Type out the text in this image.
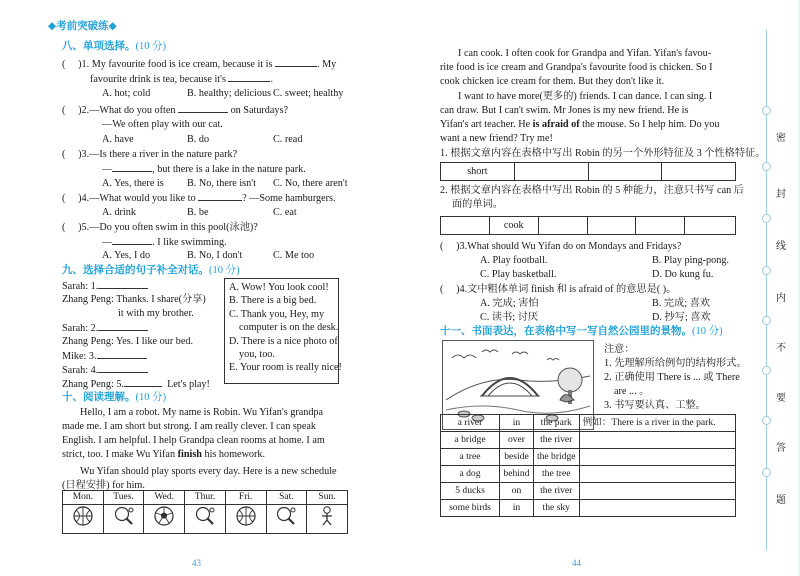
◆考前突破练◆
八、单项选择。(10 分)
(     )1. My favourite food is ice cream, because it is	. My
favourite drink is tea, because it's	.
A. hot; cold	B. healthy; delicious C. sweet; healthy
(     )2.—What do you often	on Saturdays?
—We often play with our cat.
A. have	B. do	C. read
(     )3.—Is there a river in the nature park?
—	, but there is a lake in the nature park.
A. Yes, there is B. No, there isn't C. No, there aren't
(     )4.—What would you like to	? —Some hamburgers.
A. drink	B. be	C. eat
(     )5.—Do you often swim in this pool(泳池)?
—	. I like swimming.
A. Yes, I do	B. No, I don't	C. Me too
九、选择合适的句子补全对话。(10 分)
Sarah: 1.
Zhang Peng: Thanks. I share(分享)
it with my brother.
Sarah: 2.
Zhang Peng: Yes. I like our bed.
Mike: 3.
Sarah: 4.
Zhang Peng: 5.	Let's play!
A. Wow! You look cool!
B. There is a big bed.
C. Thank you, Hey, my
computer is on the desk.
D. There is a nice photo of
you, too.
E. Your room is really nice!
十、阅读理解。(10 分)
Hello, I am a robot. My name is Robin. Wu Yifan's grandpa
made me. I am short but strong. I am really clever. I can speak
English. I am helpful. I help Grandpa clean rooms at home. I am
strict, too. I make Wu Yifan finish his homework.
Wu Yifan should play sports every day. Here is a new schedule
(日程安排) for him.
Mon.	Tues.	Wed.	Thur.	Fri.	Sat.	Sun.

43
I can cook. I often cook for Grandpa and Yifan. Yifan's favou-
rite food is ice cream and Grandpa's favourite food is chicken. So I
cook chicken ice cream for them. But they don't like it.
I want to have more(更多的) friends. I can dance. I can sing. I
can draw. But I can't swim. Mr Jones is my new friend. He is
Yifan's art teacher. He is afraid of the mouse. So I help him. Do you
want a new friend? Try me!
1. 根据文章内容在表格中写出 Robin 的另一个外形特征及 3 个性格特征。
short			
2. 根据文章内容在表格中写出 Robin 的 5 种能力，注意只书写 can 后
面的单词。
	cook				
(     )3.What should Wu Yifan do on Mondays and Fridays?
A. Play football.	B. Play ping-pong.
C. Play basketball.	D. Do kung fu.
(     )4.文中粗体单词 finish 和 is afraid of 的意思是( )。
A. 完成; 害怕	B. 完成; 喜欢
C. 读书; 讨厌	D. 抄写; 喜欢
十一、书面表达，在表格中写一写自然公园里的景物。(10 分)
注意：
1. 先理解所给例句的结构形式。
2. 正确使用 There is ... 或 There
are ... 。
3. 书写要认真、工整。
a river	in	the park	例如：There is a river in the park.
a bridge	over	the river	
a tree	beside	the bridge	
a dog	behind	the tree	
5 ducks	on	the river	
some birds	in	the sky	
44
密
封
线
内
不
要
答
题
